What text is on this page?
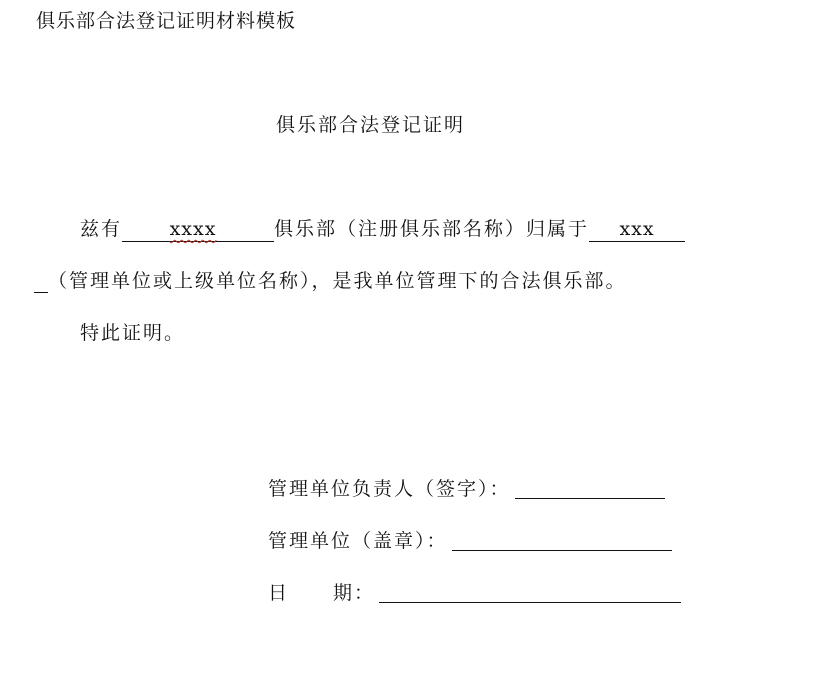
俱乐部合法登记证明材料模板
俱乐部合法登记证明
兹有	xxxx	俱乐部（注册俱乐部名称）归属于 xxx
（管理单位或上级单位名称），是我单位管理下的合法俱乐部。
特此证明。
管理单位负责人（签字）：
管理单位（盖章）：
日 期：
